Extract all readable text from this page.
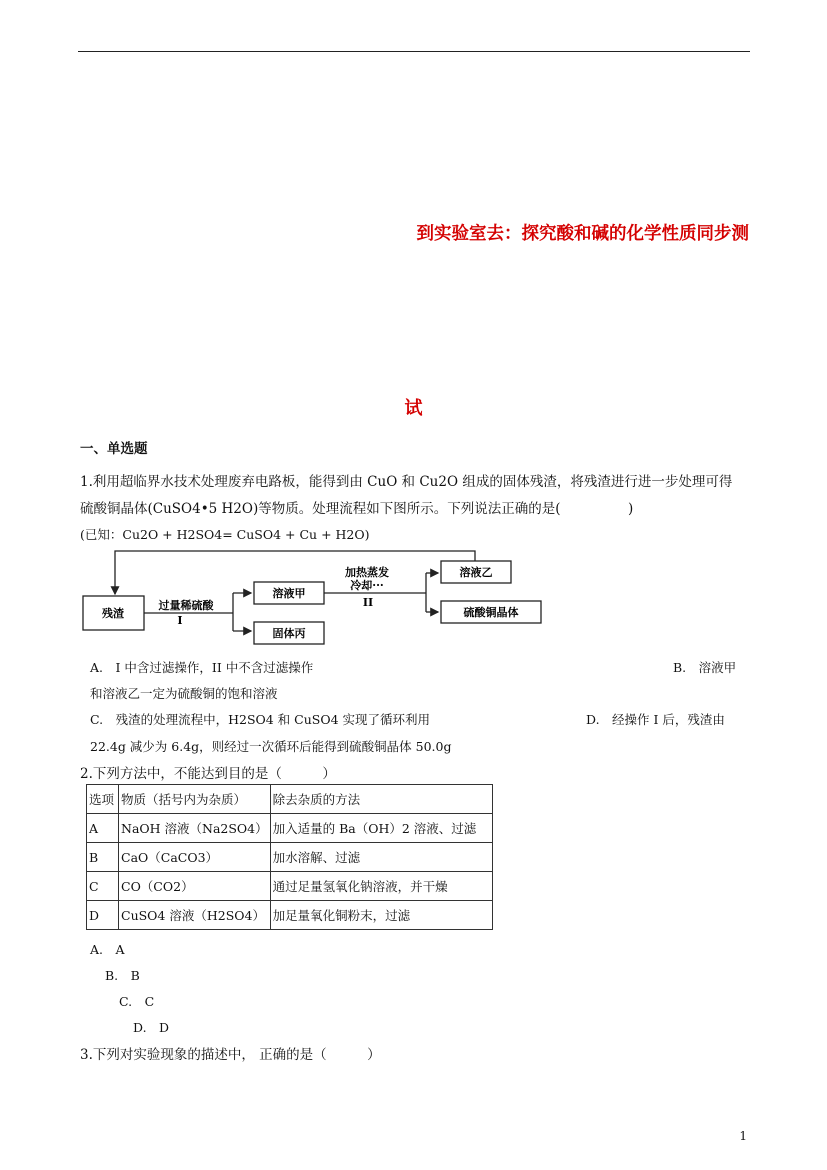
到实验室去：探究酸和碱的化学性质同步测
试
一、单选题
1.利用超临界水技术处理废弃电路板，能得到由 CuO 和 Cu2O 组成的固体残渣，将残渣进行进一步处理可得
硫酸铜晶体(CuSO4•5 H2O)等物质。处理流程如下图所示。下列说法正确的是(　　　　　)
(已知：Cu2O + H2SO4= CuSO4 + Cu + H2O)
残渣
过量稀硫酸
I
溶液甲
固体丙
加热蒸发
冷却···
II
溶液乙
硫酸铜晶体
A.　I 中含过滤操作，II 中不含过滤操作	B.　溶液甲
和溶液乙一定为硫酸铜的饱和溶液
C.　残渣的处理流程中，H2SO4 和 CuSO4 实现了循环利用	D.　经操作 I 后，残渣由
22.4g 减少为 6.4g，则经过一次循环后能得到硫酸铜晶体 50.0g
2.下列方法中，不能达到目的是（　　　）
选项	物质（括号内为杂质）	除去杂质的方法
A	NaOH 溶液（Na2SO4）	加入适量的 Ba（OH）2 溶液、过滤
B	CaO（CaCO3）	加水溶解、过滤
C	CO（CO2）	通过足量氢氧化钠溶液，并干燥
D	CuSO4 溶液（H2SO4）	加足量氧化铜粉末，过滤
A.　A
B.　B
C.　C
D.　D
3.下列对实验现象的描述中， 正确的是（　　　）
1
